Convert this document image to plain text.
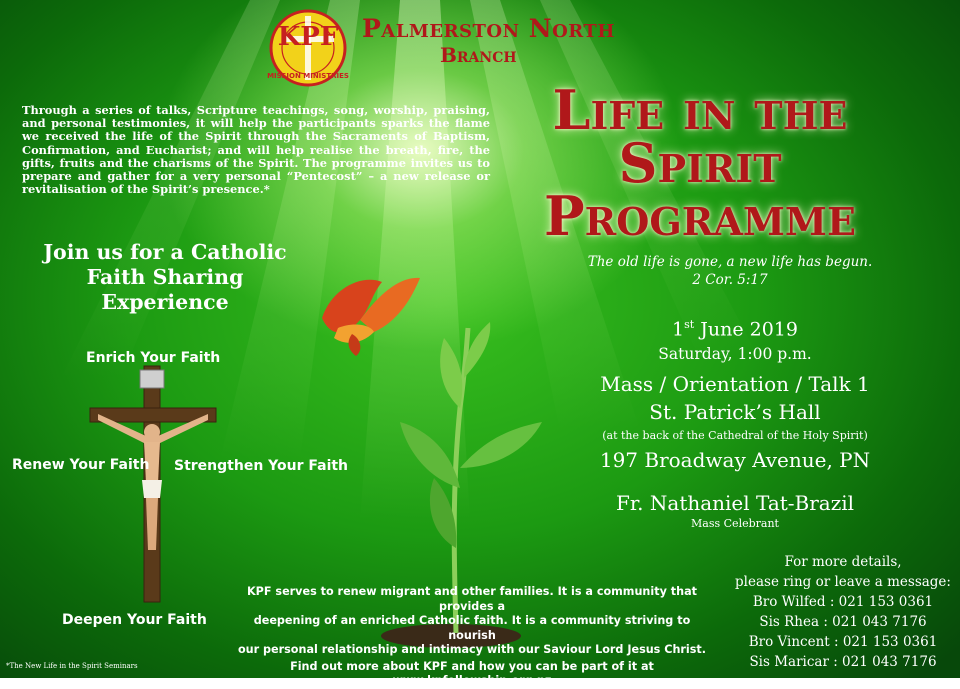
KPF
MISSION MINISTRIES
Palmerston North
Branch
Through a series of talks, Scripture teachings, song, worship, praising, and personal testimonies, it will help the participants sparks the flame we received the life of the Spirit through the Sacraments of Baptism, Confirmation, and Eucharist; and will help realise the breath, fire, the gifts, fruits and the charisms of the Spirit. The programme invites us to prepare and gather for a very personal “Pentecost” – a new release or revitalisation of the Spirit’s presence.*
Join us for a Catholic
Faith Sharing
Experience
Enrich Your Faith
Renew Your Faith Strengthen Your Faith
Deepen Your Faith
Life in the
Spirit
Programme
The old life is gone, a new life has begun.
2 Cor. 5:17
1st June 2019
Saturday, 1:00 p.m.
Mass / Orientation / Talk 1
St. Patrick’s Hall
(at the back of the Cathedral of the Holy Spirit)
197 Broadway Avenue, PN
Fr. Nathaniel Tat-Brazil
Mass Celebrant
For more details,
please ring or leave a message:
Bro Wilfed : 021 153 0361
Sis Rhea : 021 043 7176
Bro Vincent : 021 153 0361
Sis Maricar : 021 043 7176
KPF serves to renew migrant and other families. It is a community that provides a
deepening of an enriched Catholic faith. It is a community striving to nourish
our personal relationship and intimacy with our Saviour Lord Jesus Christ.
Find out more about KPF and how you can be part of it at
www.kpfellowship.org.nz
*The New Life in the Spirit Seminars
